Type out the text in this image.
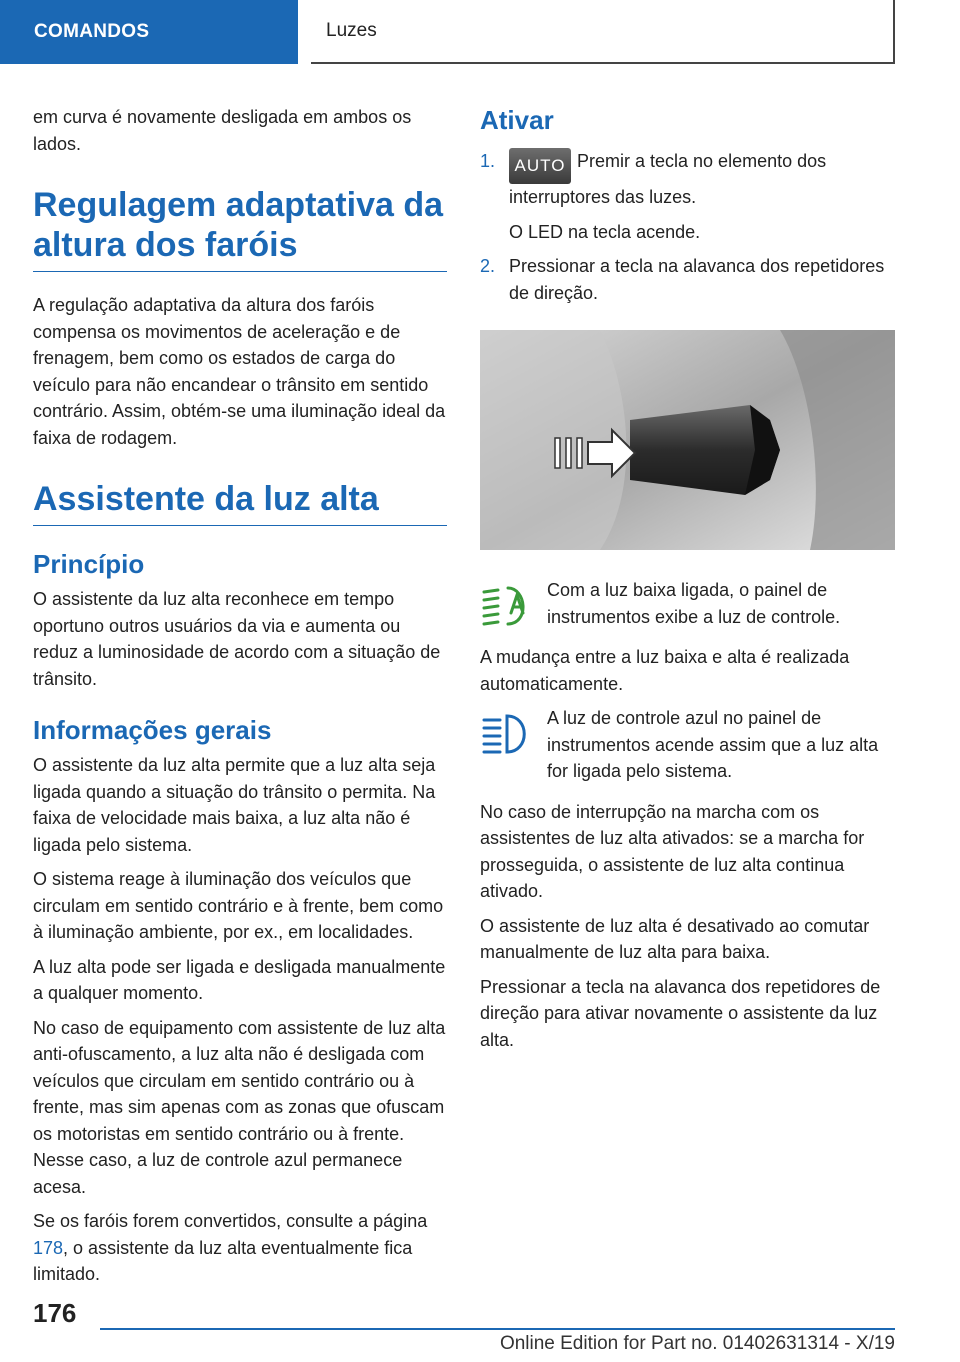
COMANDOS	Luzes

em curva é novamente desligada em ambos os lados.

Regulagem adaptativa da altura dos faróis

A regulação adaptativa da altura dos faróis compensa os movimentos de aceleração e de frenagem, bem como os estados de carga do veículo para não encandear o trânsito em sentido contrário. Assim, obtém-se uma iluminação ideal da faixa de rodagem.

Assistente da luz alta
Princípio

O assistente da luz alta reconhece em tempo oportuno outros usuários da via e aumenta ou reduz a luminosidade de acordo com a situação de trânsito.

Informações gerais

O assistente da luz alta permite que a luz alta seja ligada quando a situação do trânsito o permita. Na faixa de velocidade mais baixa, a luz alta não é ligada pelo sistema.

O sistema reage à iluminação dos veículos que circulam em sentido contrário e à frente, bem como à iluminação ambiente, por ex., em localidades.

A luz alta pode ser ligada e desligada manualmente a qualquer momento.

No caso de equipamento com assistente de luz alta anti-ofuscamento, a luz alta não é desligada com veículos que circulam em sentido contrário ou à frente, mas sim apenas com as zonas que ofuscam os motoristas em sentido contrário ou à frente. Nesse caso, a luz de controle azul permanece acesa.

Se os faróis forem convertidos, consulte a página 178, o assistente da luz alta eventualmente fica limitado.

Ativar
1. AUTO Premir a tecla no elemento dos interruptores das luzes.
O LED na tecla acende.
2. Pressionar a tecla na alavanca dos repetidores de direção.

Com a luz baixa ligada, o painel de instrumentos exibe a luz de controle.

A mudança entre a luz baixa e alta é realizada automaticamente.

A luz de controle azul no painel de instrumentos acende assim que a luz alta for ligada pelo sistema.

No caso de interrupção na marcha com os assistentes de luz alta ativados: se a marcha for prosseguida, o assistente de luz alta continua ativado.

O assistente de luz alta é desativado ao comutar manualmente de luz alta para baixa.

Pressionar a tecla na alavanca dos repetidores de direção para ativar novamente o assistente da luz alta.

176
Online Edition for Part no. 01402631314 - X/19
